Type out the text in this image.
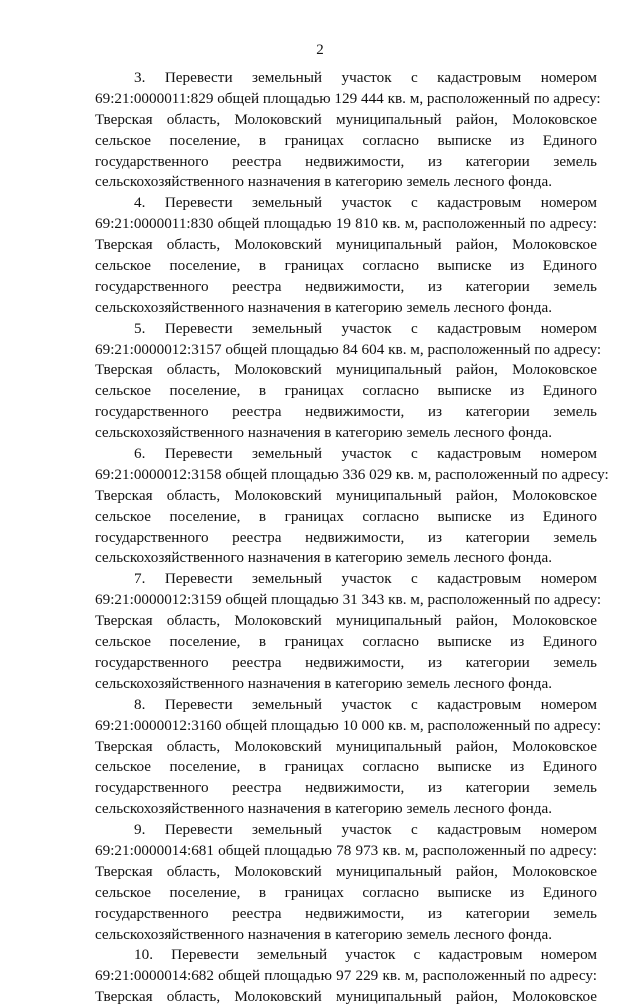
2
3. Перевести земельный участок с кадастровым номером
69:21:0000011:829 общей площадью 129 444 кв. м, расположенный по адресу:
Тверская область, Молоковский муниципальный район, Молоковское
сельское поселение, в границах согласно выписке из Единого
государственного реестра недвижимости, из категории земель
сельскохозяйственного назначения в категорию земель лесного фонда.
4. Перевести земельный участок с кадастровым номером
69:21:0000011:830 общей площадью 19 810 кв. м, расположенный по адресу:
Тверская область, Молоковский муниципальный район, Молоковское
сельское поселение, в границах согласно выписке из Единого
государственного реестра недвижимости, из категории земель
сельскохозяйственного назначения в категорию земель лесного фонда.
5. Перевести земельный участок с кадастровым номером
69:21:0000012:3157 общей площадью 84 604 кв. м, расположенный по адресу:
Тверская область, Молоковский муниципальный район, Молоковское
сельское поселение, в границах согласно выписке из Единого
государственного реестра недвижимости, из категории земель
сельскохозяйственного назначения в категорию земель лесного фонда.
6. Перевести земельный участок с кадастровым номером
69:21:0000012:3158 общей площадью 336 029 кв. м, расположенный по адресу:
Тверская область, Молоковский муниципальный район, Молоковское
сельское поселение, в границах согласно выписке из Единого
государственного реестра недвижимости, из категории земель
сельскохозяйственного назначения в категорию земель лесного фонда.
7. Перевести земельный участок с кадастровым номером
69:21:0000012:3159 общей площадью 31 343 кв. м, расположенный по адресу:
Тверская область, Молоковский муниципальный район, Молоковское
сельское поселение, в границах согласно выписке из Единого
государственного реестра недвижимости, из категории земель
сельскохозяйственного назначения в категорию земель лесного фонда.
8. Перевести земельный участок с кадастровым номером
69:21:0000012:3160 общей площадью 10 000 кв. м, расположенный по адресу:
Тверская область, Молоковский муниципальный район, Молоковское
сельское поселение, в границах согласно выписке из Единого
государственного реестра недвижимости, из категории земель
сельскохозяйственного назначения в категорию земель лесного фонда.
9. Перевести земельный участок с кадастровым номером
69:21:0000014:681 общей площадью 78 973 кв. м, расположенный по адресу:
Тверская область, Молоковский муниципальный район, Молоковское
сельское поселение, в границах согласно выписке из Единого
государственного реестра недвижимости, из категории земель
сельскохозяйственного назначения в категорию земель лесного фонда.
10. Перевести земельный участок с кадастровым номером
69:21:0000014:682 общей площадью 97 229 кв. м, расположенный по адресу:
Тверская область, Молоковский муниципальный район, Молоковское
